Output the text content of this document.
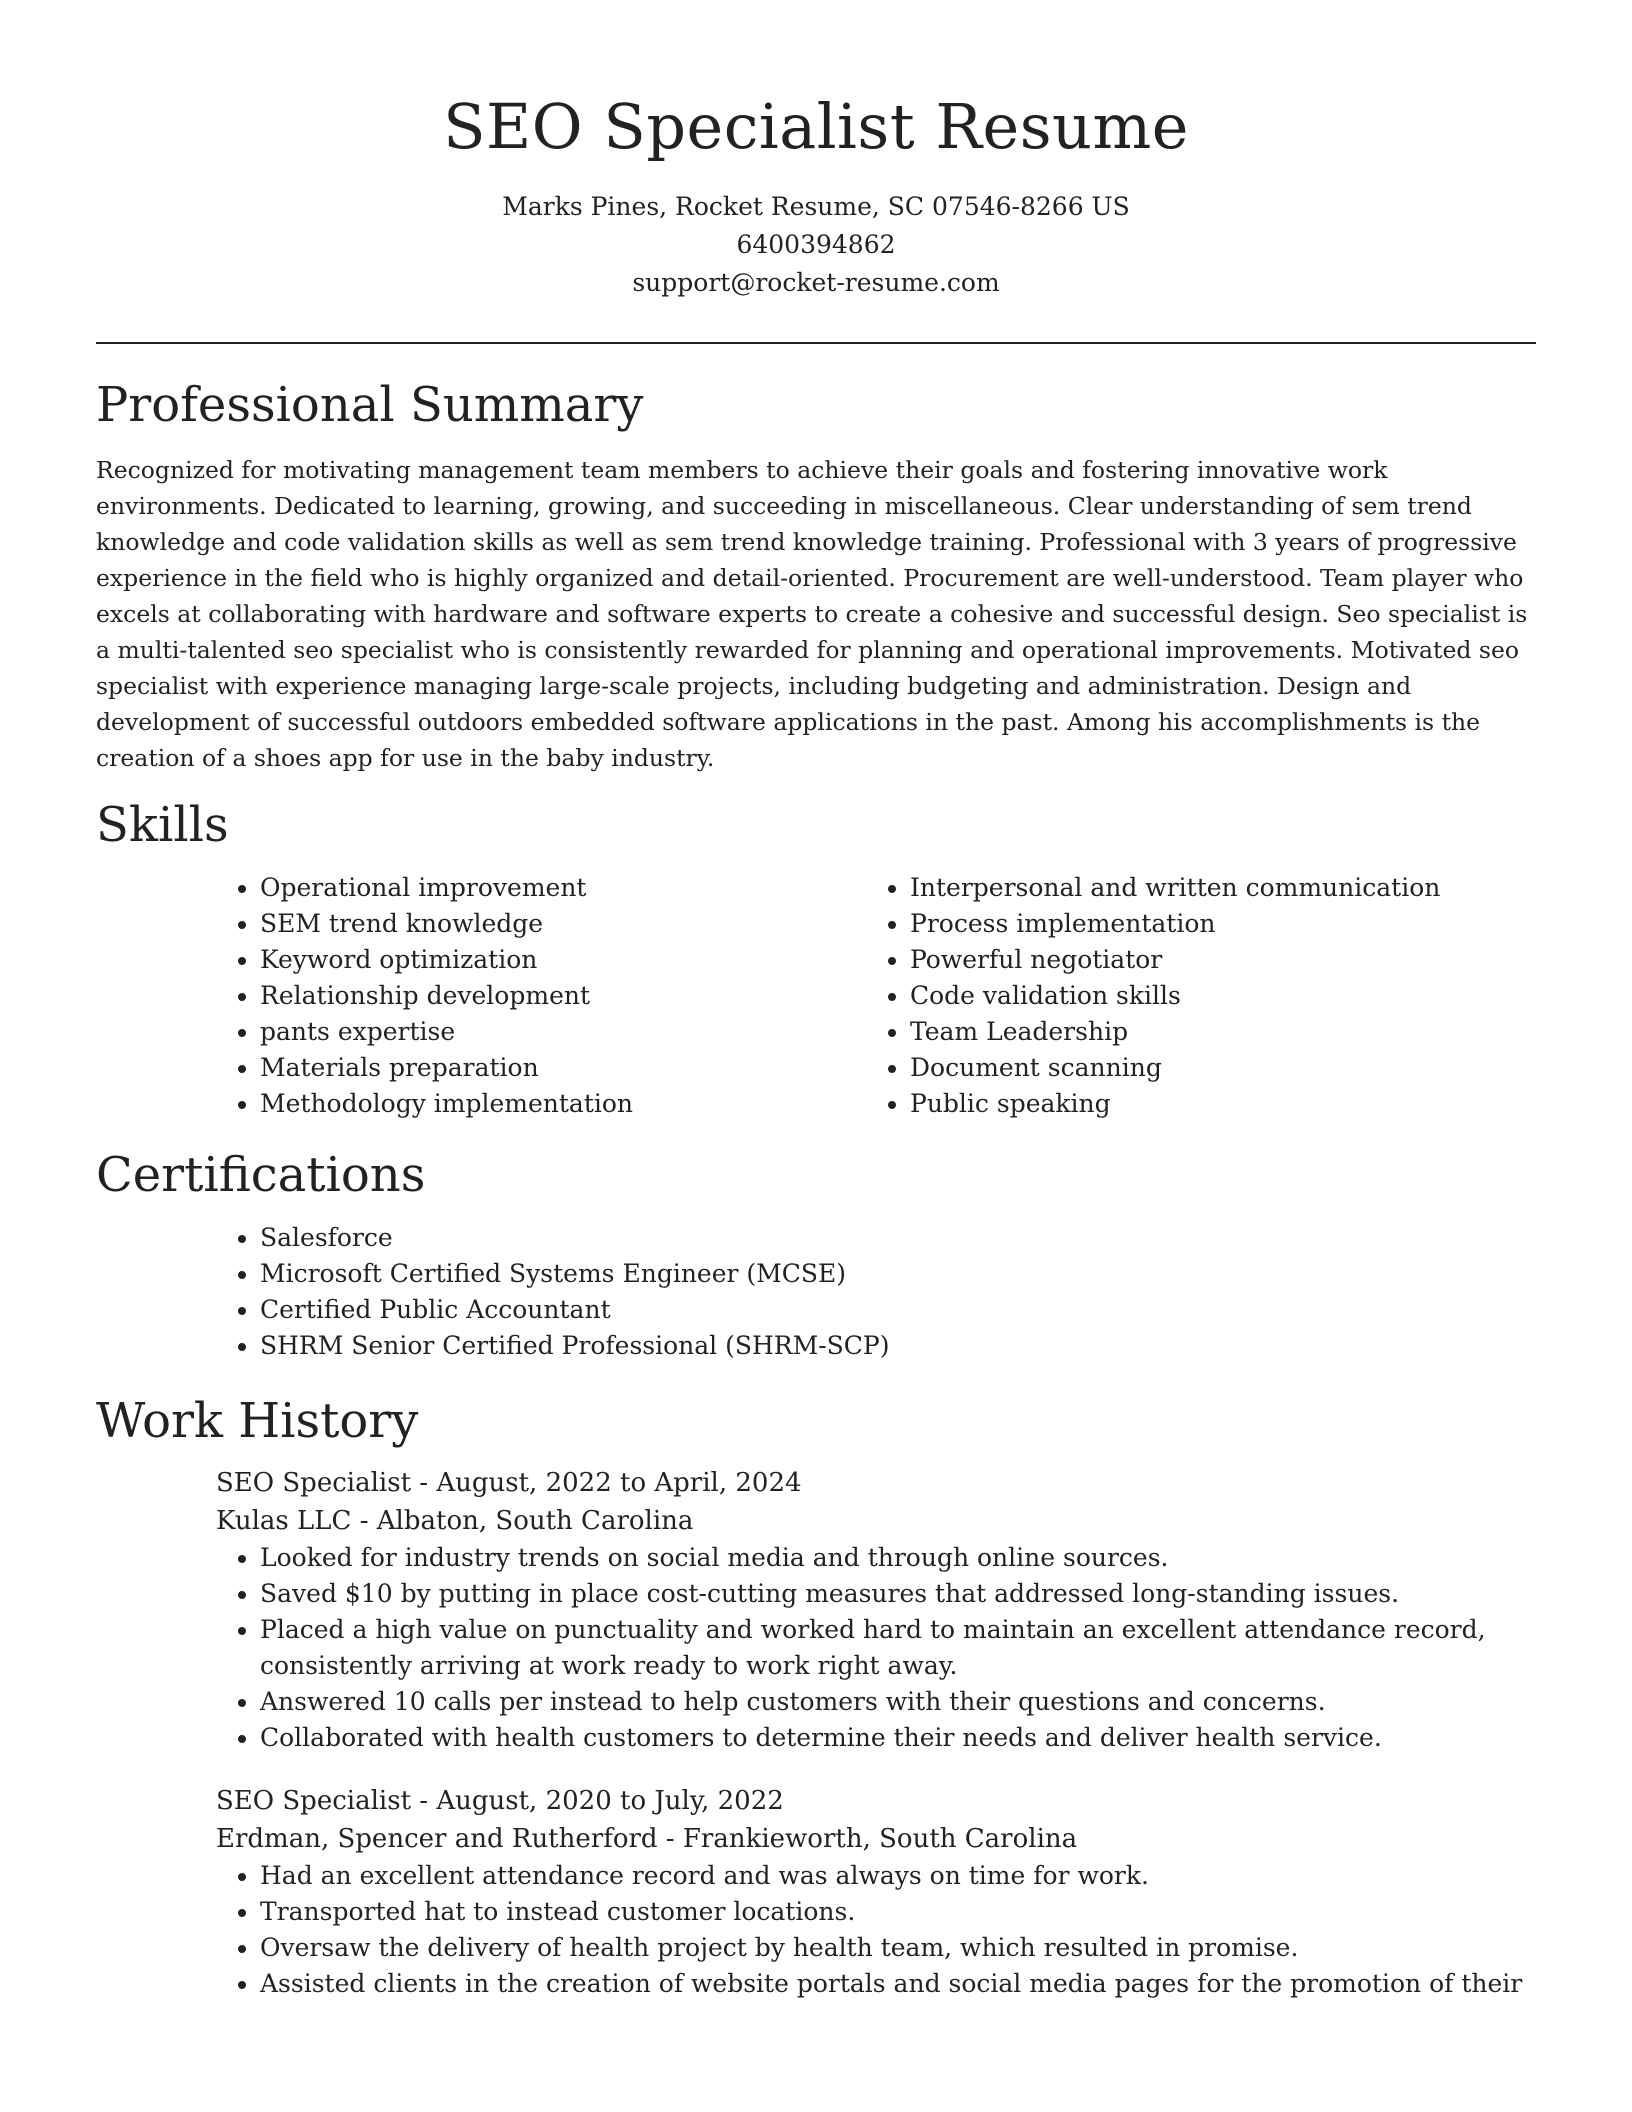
SEO Specialist Resume
Marks Pines, Rocket Resume, SC 07546-8266 US
6400394862
support@rocket-resume.com
Professional Summary

Recognized for motivating management team members to achieve their goals and fostering innovative work environments. Dedicated to learning, growing, and succeeding in miscellaneous. Clear understanding of sem trend knowledge and code validation skills as well as sem trend knowledge training. Professional with 3 years of progressive experience in the field who is highly organized and detail-oriented. Procurement are well-understood. Team player who excels at collaborating with hardware and software experts to create a cohesive and successful design. Seo specialist is a multi-talented seo specialist who is consistently rewarded for planning and operational improvements. Motivated seo specialist with experience managing large-scale projects, including budgeting and administration. Design and development of successful outdoors embedded software applications in the past. Among his accomplishments is the creation of a shoes app for use in the baby industry.

Skills
• Operational improvement
• SEM trend knowledge
• Keyword optimization
• Relationship development
• pants expertise
• Materials preparation
• Methodology implementation
• Interpersonal and written communication
• Process implementation
• Powerful negotiator
• Code validation skills
• Team Leadership
• Document scanning
• Public speaking
Certifications
• Salesforce
• Microsoft Certified Systems Engineer (MCSE)
• Certified Public Accountant
• SHRM Senior Certified Professional (SHRM-SCP)
Work History
SEO Specialist - August, 2022 to April, 2024
Kulas LLC - Albaton, South Carolina
• Looked for industry trends on social media and through online sources.
• Saved $10 by putting in place cost-cutting measures that addressed long-standing issues.
• Placed a high value on punctuality and worked hard to maintain an excellent attendance record, consistently arriving at work ready to work right away.
• Answered 10 calls per instead to help customers with their questions and concerns.
• Collaborated with health customers to determine their needs and deliver health service.
SEO Specialist - August, 2020 to July, 2022
Erdman, Spencer and Rutherford - Frankieworth, South Carolina
• Had an excellent attendance record and was always on time for work.
• Transported hat to instead customer locations.
• Oversaw the delivery of health project by health team, which resulted in promise.
• Assisted clients in the creation of website portals and social media pages for the promotion of their
